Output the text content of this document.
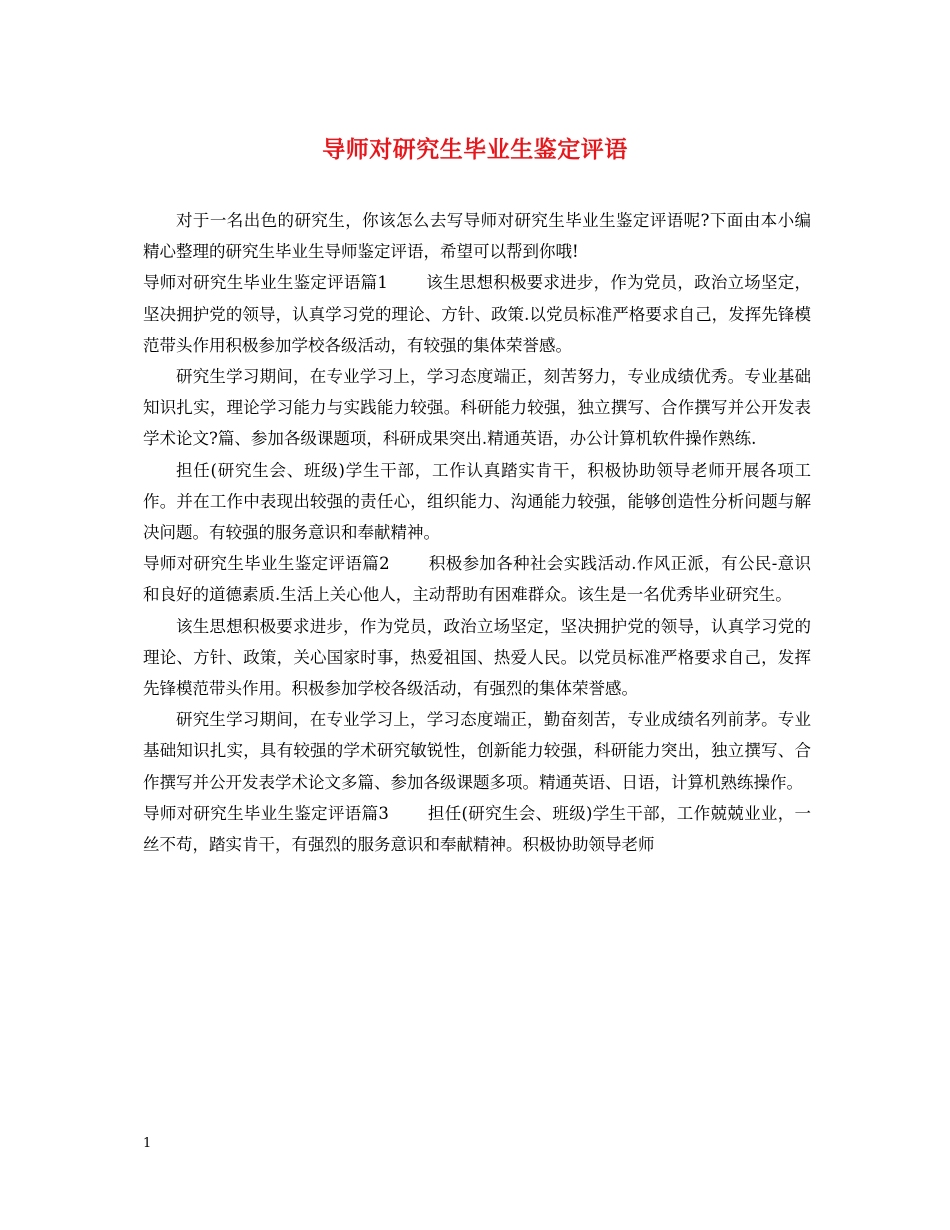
导师对研究生毕业生鉴定评语

对于一名出色的研究生，你该怎么去写导师对研究生毕业生鉴定评语呢?下面由本小编精心整理的研究生毕业生导师鉴定评语，希望可以帮到你哦!

导师对研究生毕业生鉴定评语篇1 该生思想积极要求进步，作为党员，政治立场坚定，坚决拥护党的领导，认真学习党的理论、方针、政策.以党员标准严格要求自己，发挥先锋模范带头作用积极参加学校各级活动，有较强的集体荣誉感。

研究生学习期间，在专业学习上，学习态度端正，刻苦努力，专业成绩优秀。专业基础知识扎实，理论学习能力与实践能力较强。科研能力较强，独立撰写、合作撰写并公开发表学术论文?篇、参加各级课题项，科研成果突出.精通英语，办公计算机软件操作熟练.

担任(研究生会、班级)学生干部，工作认真踏实肯干，积极协助领导老师开展各项工作。并在工作中表现出较强的责任心，组织能力、沟通能力较强，能够创造性分析问题与解决问题。有较强的服务意识和奉献精神。

导师对研究生毕业生鉴定评语篇2 积极参加各种社会实践活动.作风正派，有公民-意识和良好的道德素质.生活上关心他人，主动帮助有困难群众。该生是一名优秀毕业研究生。

该生思想积极要求进步，作为党员，政治立场坚定，坚决拥护党的领导，认真学习党的理论、方针、政策，关心国家时事，热爱祖国、热爱人民。以党员标准严格要求自己，发挥先锋模范带头作用。积极参加学校各级活动，有强烈的集体荣誉感。

研究生学习期间，在专业学习上，学习态度端正，勤奋刻苦，专业成绩名列前茅。专业基础知识扎实，具有较强的学术研究敏锐性，创新能力较强，科研能力突出，独立撰写、合作撰写并公开发表学术论文多篇、参加各级课题多项。精通英语、日语，计算机熟练操作。

导师对研究生毕业生鉴定评语篇3 担任(研究生会、班级)学生干部，工作兢兢业业，一丝不苟，踏实肯干，有强烈的服务意识和奉献精神。积极协助领导老师

1
